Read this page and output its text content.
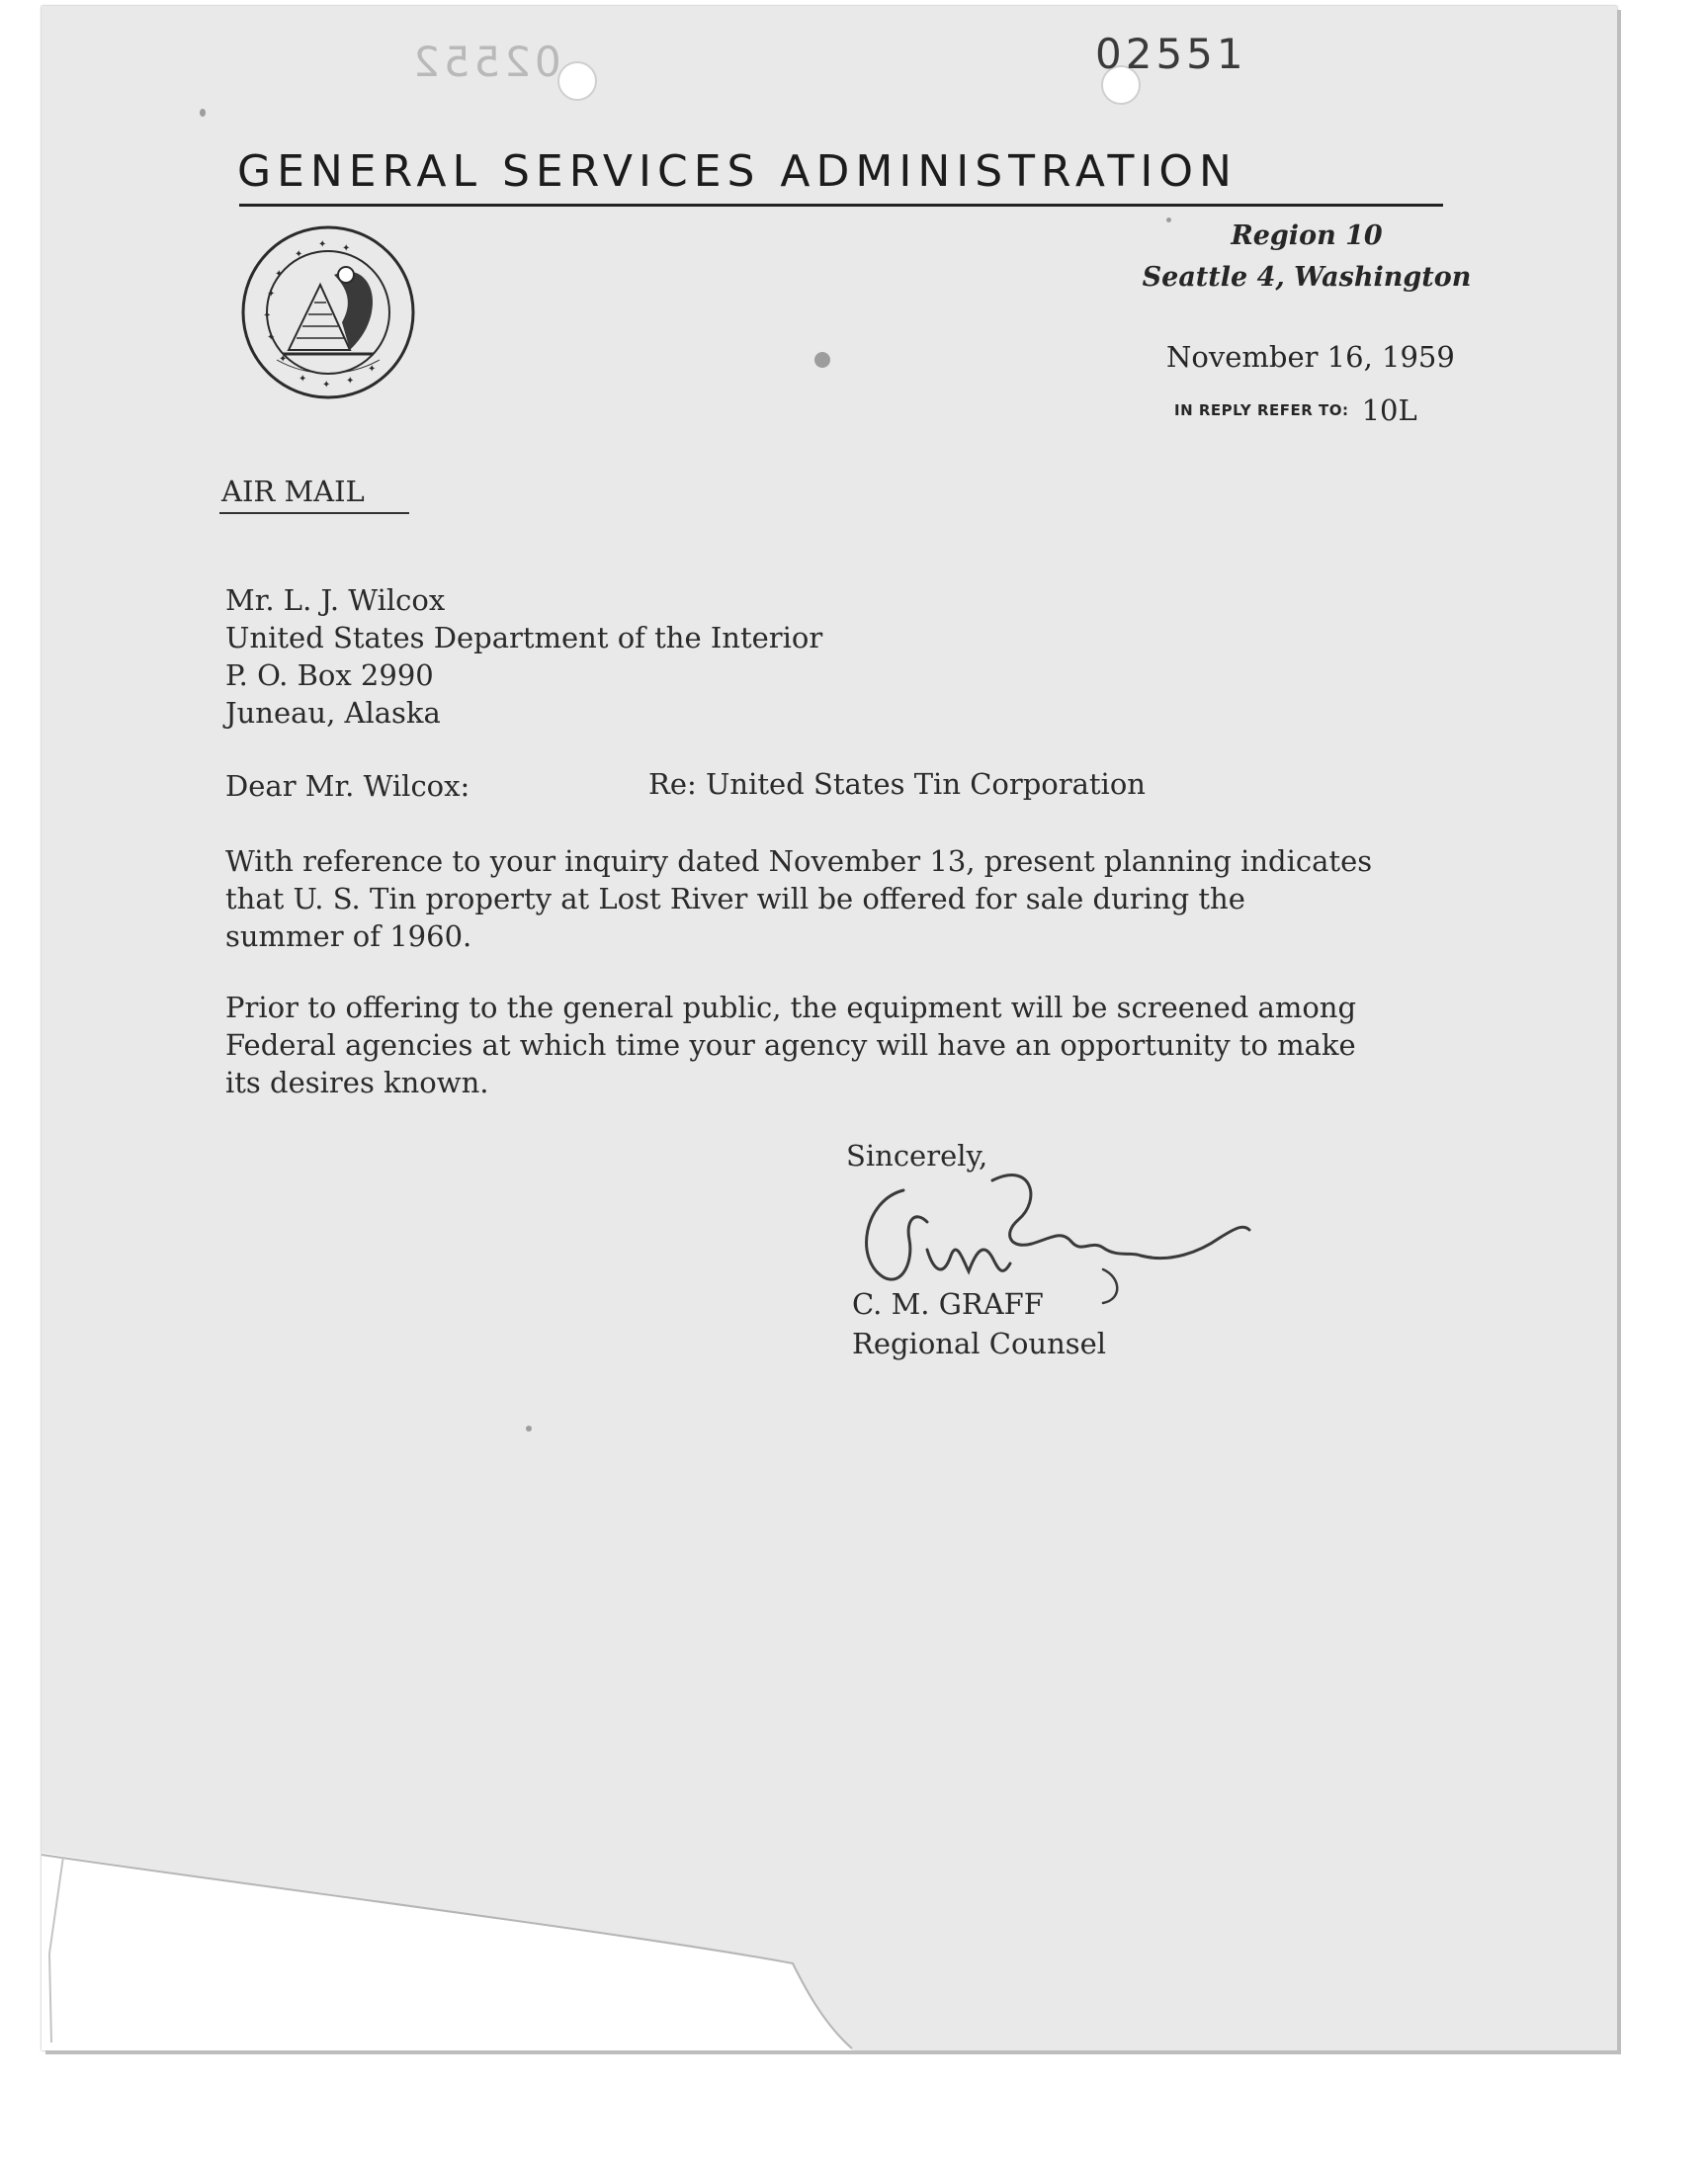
02552	02551
GENERAL SERVICES ADMINISTRATION
✦
✦
✦
✦
✦
✦
✦ ✦
✦
✦
✦ ✦	Region 10
Seattle 4, Washington
November 16, 1959
IN REPLY REFER TO: 10L
AIR MAIL
Mr. L. J. Wilcox
United States Department of the Interior
P. O. Box 2990
Juneau, Alaska
Dear Mr. Wilcox:	Re: United States Tin Corporation
With reference to your inquiry dated November 13, present planning indicates
that U. S. Tin property at Lost River will be offered for sale during the
summer of 1960.
Prior to offering to the general public, the equipment will be screened among
Federal agencies at which time your agency will have an opportunity to make
its desires known.
Sincerely,
C. M. GRAFF
Regional Counsel
